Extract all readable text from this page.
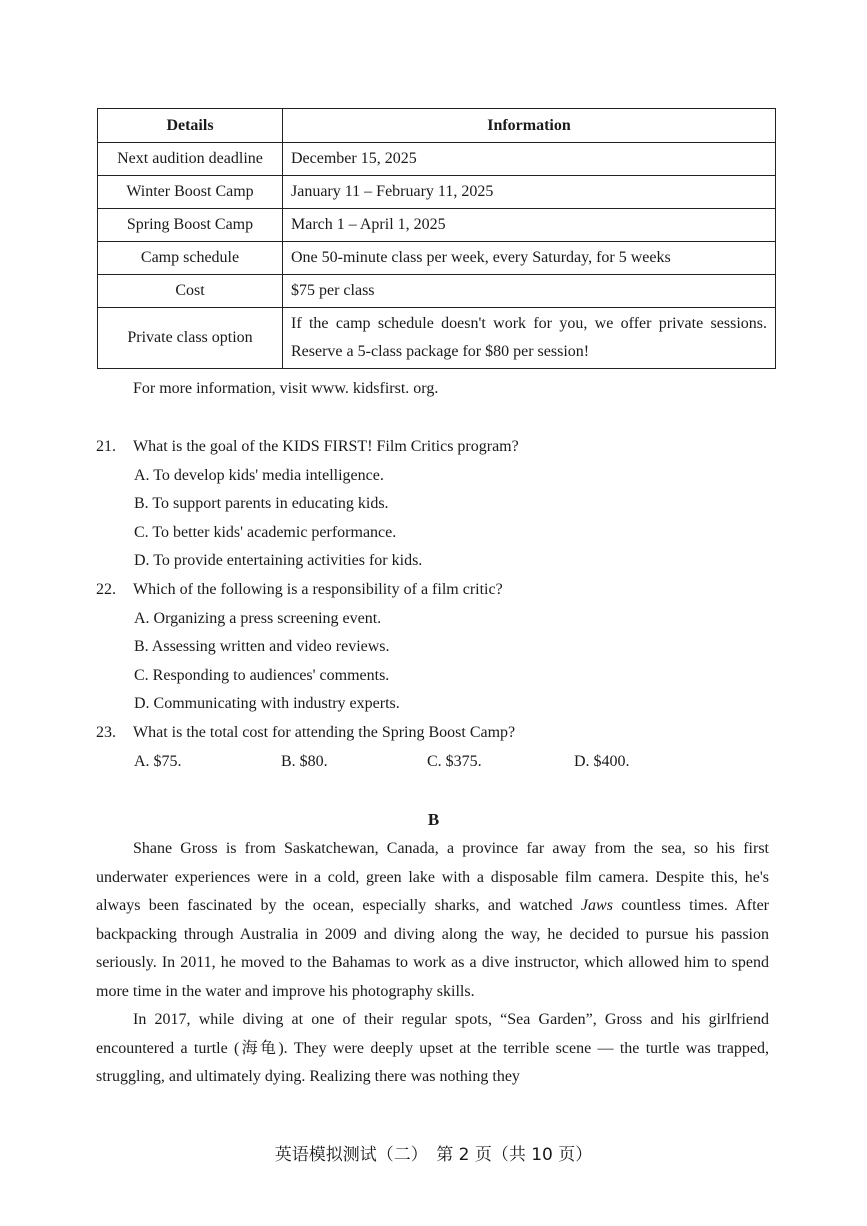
Details	Information
Next audition deadline	December 15, 2025
Winter Boost Camp	January 11 – February 11, 2025
Spring Boost Camp	March 1 – April 1, 2025
Camp schedule	One 50-minute class per week, every Saturday, for 5 weeks
Cost	$75 per class
Private class option	If the camp schedule doesn't work for you, we offer private sessions. Reserve a 5-class package for $80 per session!
For more information, visit www. kidsfirst. org.
21. What is the goal of the KIDS FIRST! Film Critics program?
A. To develop kids' media intelligence.
B. To support parents in educating kids.
C. To better kids' academic performance.
D. To provide entertaining activities for kids.
22. Which of the following is a responsibility of a film critic?
A. Organizing a press screening event.
B. Assessing written and video reviews.
C. Responding to audiences' comments.
D. Communicating with industry experts.
23. What is the total cost for attending the Spring Boost Camp?
A. $75.	B. $80.	C. $375.	D. $400.
B

Shane Gross is from Saskatchewan, Canada, a province far away from the sea, so his first underwater experiences were in a cold, green lake with a disposable film camera. Despite this, he's always been fascinated by the ocean, especially sharks, and watched Jaws countless times. After backpacking through Australia in 2009 and diving along the way, he decided to pursue his passion seriously. In 2011, he moved to the Bahamas to work as a dive instructor, which allowed him to spend more time in the water and improve his photography skills.

In 2017, while diving at one of their regular spots, “Sea Garden”, Gross and his girlfriend encountered a turtle (海龟). They were deeply upset at the terrible scene — the turtle was trapped, struggling, and ultimately dying. Realizing there was nothing they

英语模拟测试（二）　第 2 页（共 10 页）
